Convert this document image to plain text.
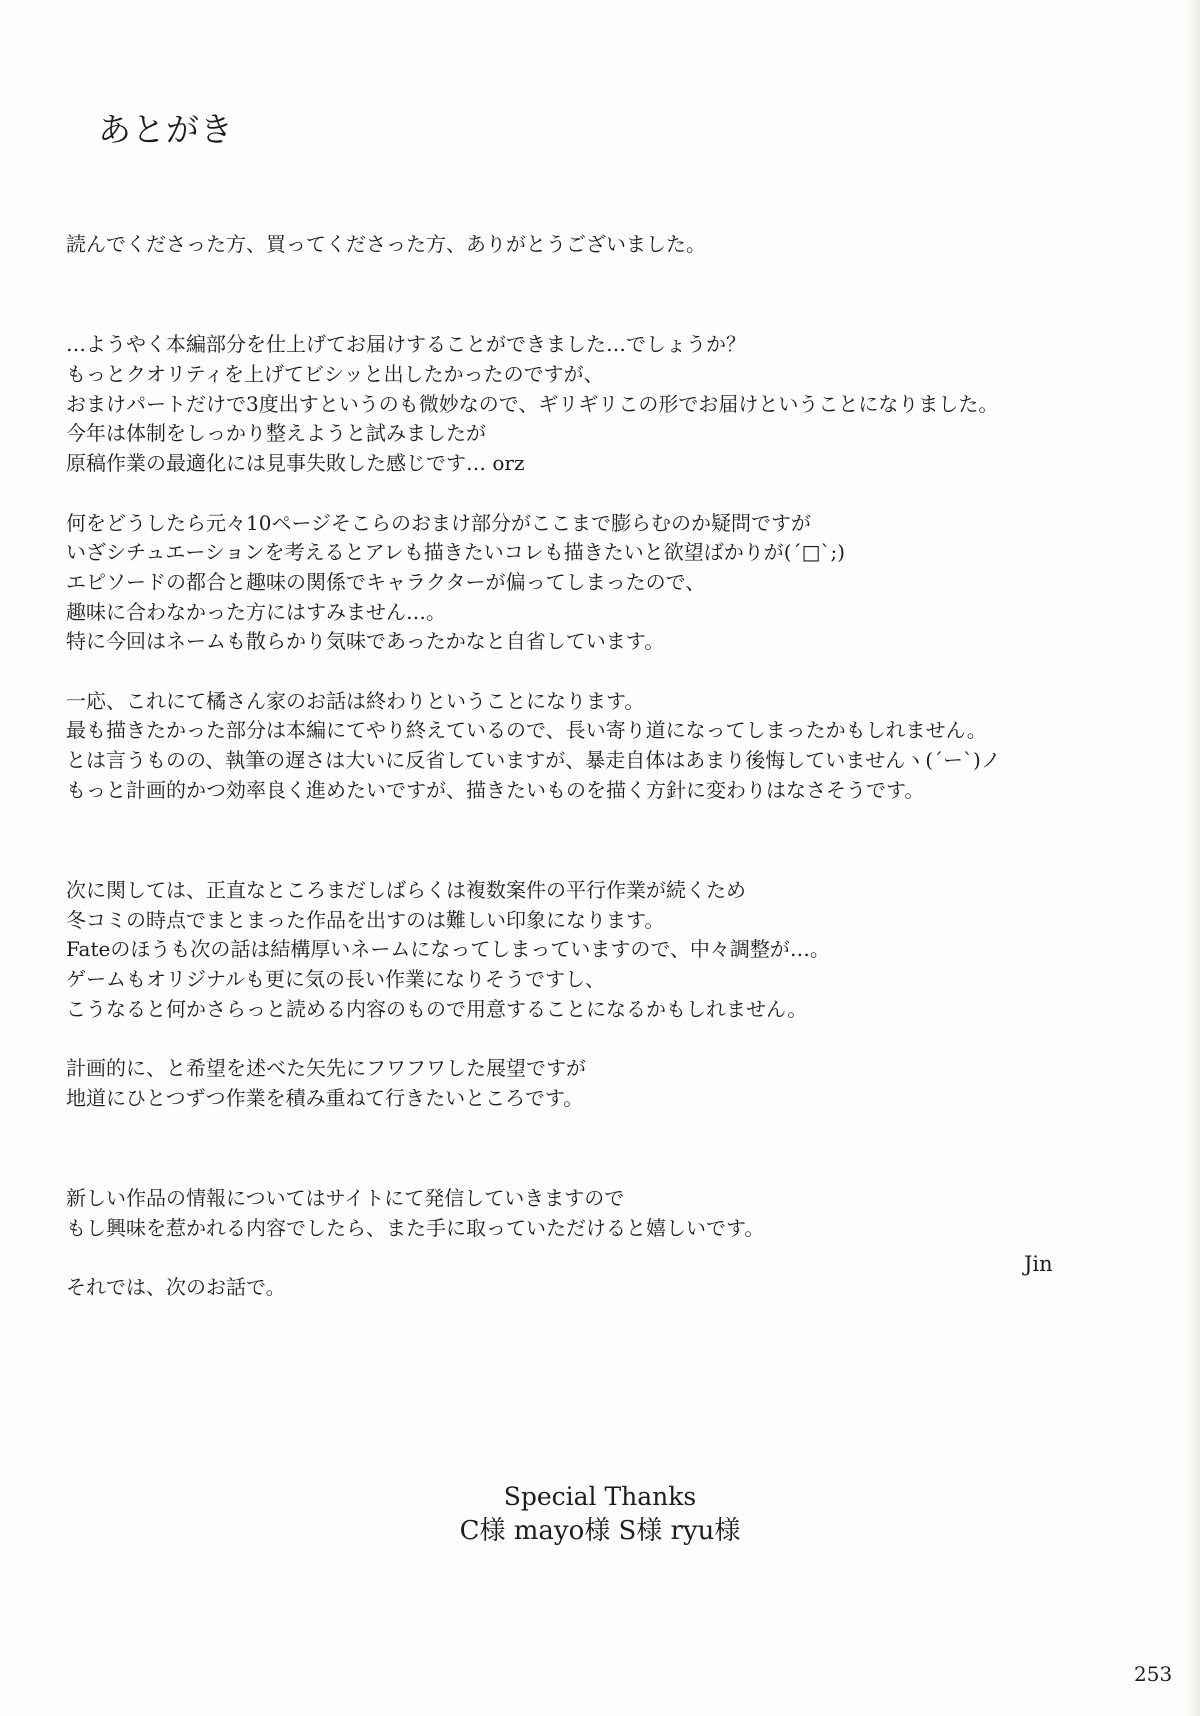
あとがき
読んでくださった方、買ってくださった方、ありがとうございました。
…ようやく本編部分を仕上げてお届けすることができました…でしょうか？
もっとクオリティを上げてビシッと出したかったのですが、
おまけパートだけで3度出すというのも微妙なので、ギリギリこの形でお届けということになりました。
今年は体制をしっかり整えようと試みましたが
原稿作業の最適化には見事失敗した感じです… orz
何をどうしたら元々10ページそこらのおまけ部分がここまで膨らむのか疑問ですが
いざシチュエーションを考えるとアレも描きたいコレも描きたいと欲望ばかりが(´□`;)
エピソードの都合と趣味の関係でキャラクターが偏ってしまったので、
趣味に合わなかった方にはすみません…。
特に今回はネームも散らかり気味であったかなと自省しています。
一応、これにて橘さん家のお話は終わりということになります。
最も描きたかった部分は本編にてやり終えているので、長い寄り道になってしまったかもしれません。
とは言うものの、執筆の遅さは大いに反省していますが、暴走自体はあまり後悔していませんヽ(´ー`)ノ
もっと計画的かつ効率良く進めたいですが、描きたいものを描く方針に変わりはなさそうです。
次に関しては、正直なところまだしばらくは複数案件の平行作業が続くため
冬コミの時点でまとまった作品を出すのは難しい印象になります。
Fateのほうも次の話は結構厚いネームになってしまっていますので、中々調整が…。
ゲームもオリジナルも更に気の長い作業になりそうですし、
こうなると何かさらっと読める内容のもので用意することになるかもしれません。
計画的に、と希望を述べた矢先にフワフワした展望ですが
地道にひとつずつ作業を積み重ねて行きたいところです。
新しい作品の情報についてはサイトにて発信していきますので
もし興味を惹かれる内容でしたら、また手に取っていただけると嬉しいです。
それでは、次のお話で。
Jin
Special Thanks
C様 mayo様 S様 ryu様
253
